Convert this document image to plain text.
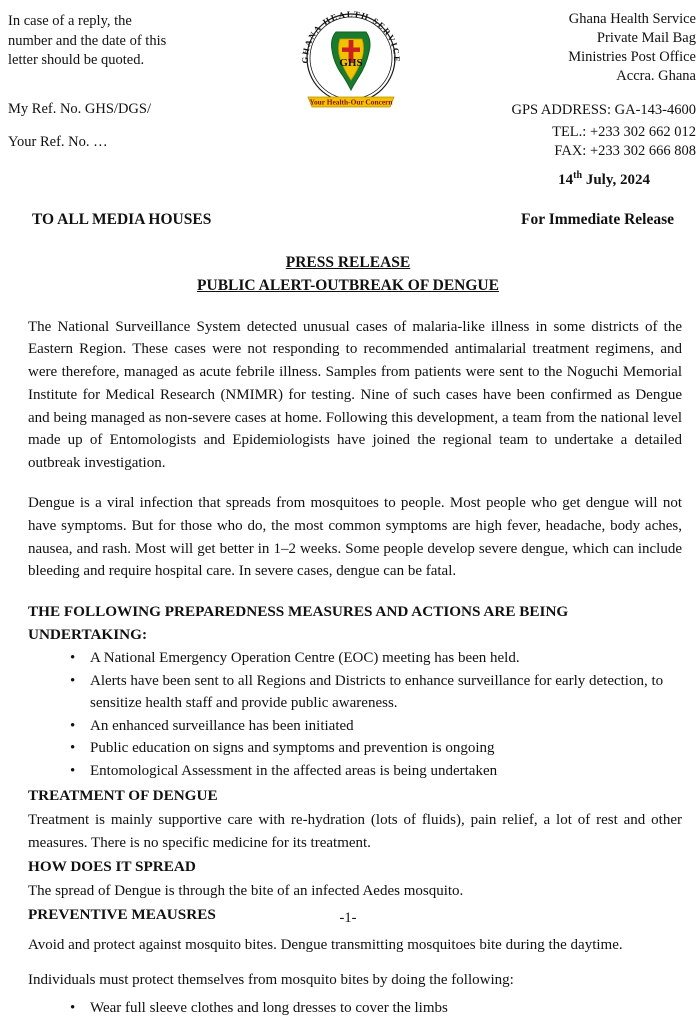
In case of a reply, the
number and the date of this
letter should be quoted.
My Ref. No. GHS/DGS/
Your Ref. No. …
GHANA HEALTH SERVICE
GHS
Your Health-Our Concern
Ghana Health Service
Private Mail Bag
Ministries Post Office
Accra. Ghana
GPS ADDRESS: GA-143-4600
TEL.: +233 302 662 012
FAX: +233 302 666 808
14th July, 2024
TO ALL MEDIA HOUSES	For Immediate Release
PRESS RELEASE
PUBLIC ALERT-OUTBREAK OF DENGUE

The National Surveillance System detected unusual cases of malaria-like illness in some districts of the Eastern Region. These cases were not responding to recommended antimalarial treatment regimens, and were therefore, managed as acute febrile illness. Samples from patients were sent to the Noguchi Memorial Institute for Medical Research (NMIMR) for testing. Nine of such cases have been confirmed as Dengue and being managed as non-severe cases at home. Following this development, a team from the national level made up of Entomologists and Epidemiologists have joined the regional team to undertake a detailed outbreak investigation.

Dengue is a viral infection that spreads from mosquitoes to people. Most people who get dengue will not have symptoms. But for those who do, the most common symptoms are high fever, headache, body aches, nausea, and rash. Most will get better in 1–2 weeks. Some people develop severe dengue, which can include bleeding and require hospital care. In severe cases, dengue can be fatal.

THE FOLLOWING PREPAREDNESS MEASURES AND ACTIONS ARE BEING UNDERTAKING:
• A National Emergency Operation Centre (EOC) meeting has been held.
• Alerts have been sent to all Regions and Districts to enhance surveillance for early detection, to sensitize health staff and provide public awareness.
• An enhanced surveillance has been initiated
• Public education on signs and symptoms and prevention is ongoing
• Entomological Assessment in the affected areas is being undertaken
TREATMENT OF DENGUE

Treatment is mainly supportive care with re-hydration (lots of fluids), pain relief, a lot of rest and other measures. There is no specific medicine for its treatment.

HOW DOES IT SPREAD

The spread of Dengue is through the bite of an infected Aedes mosquito.

PREVENTIVE MEAUSRES

Avoid and protect against mosquito bites. Dengue transmitting mosquitoes bite during the daytime.

Individuals must protect themselves from mosquito bites by doing the following:

• Wear full sleeve clothes and long dresses to cover the limbs
-1-
